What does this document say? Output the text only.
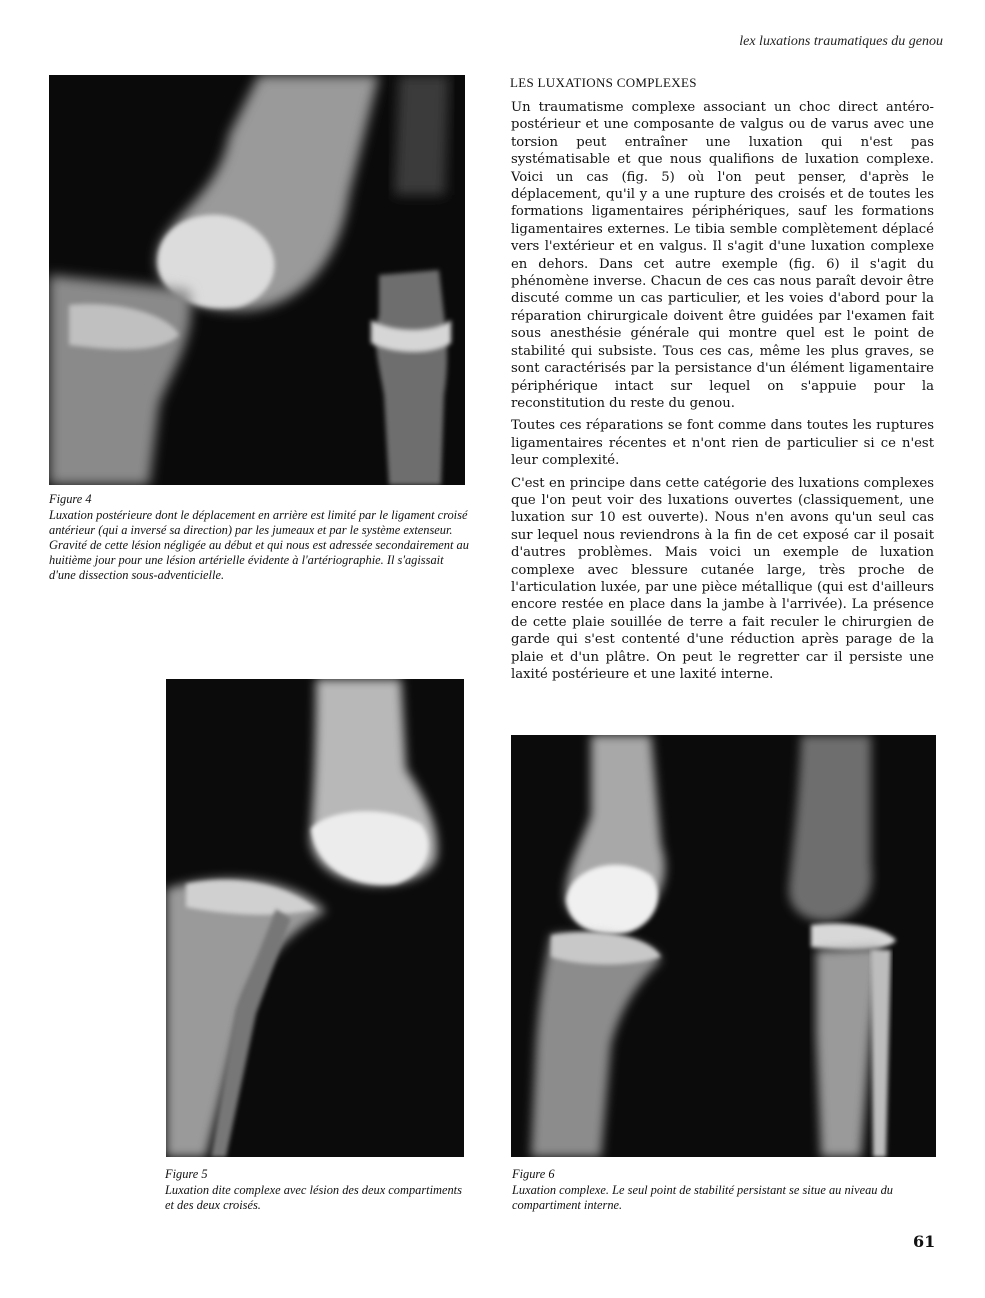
lex luxations traumatiques du genou
Figure 4
Luxation postérieure dont le déplacement en arrière est limité par le ligament croisé antérieur (qui a inversé sa direction) par les jumeaux et par le système extenseur. Gravité de cette lésion négligée au début et qui nous est adressée secondairement au huitième jour pour une lésion artérielle évidente à l'artériographie. Il s'agissait d'une dissection sous-adventicielle.
Figure 5
Luxation dite complexe avec lésion des deux compartiments et des deux croisés.
LES LUXATIONS COMPLEXES

Un traumatisme complexe associant un choc direct antéro-postérieur et une composante de valgus ou de varus avec une torsion peut entraîner une luxation qui n'est pas systématisable et que nous qualifions de luxation complexe. Voici un cas (fig. 5) où l'on peut penser, d'après le déplacement, qu'il y a une rupture des croisés et de toutes les formations ligamentaires périphériques, sauf les formations ligamentaires externes. Le tibia semble complètement déplacé vers l'extérieur et en valgus. Il s'agit d'une luxation complexe en dehors. Dans cet autre exemple (fig. 6) il s'agit du phénomène inverse. Chacun de ces cas nous paraît devoir être discuté comme un cas particulier, et les voies d'abord pour la réparation chirurgicale doivent être guidées par l'examen fait sous anesthésie générale qui montre quel est le point de stabilité qui subsiste. Tous ces cas, même les plus graves, se sont caractérisés par la persistance d'un élément ligamentaire périphérique intact sur lequel on s'appuie pour la reconstitution du reste du genou.

Toutes ces réparations se font comme dans toutes les ruptures ligamentaires récentes et n'ont rien de particulier si ce n'est leur complexité.

C'est en principe dans cette catégorie des luxations complexes que l'on peut voir des luxations ouvertes (classiquement, une luxation sur 10 est ouverte). Nous n'en avons qu'un seul cas sur lequel nous reviendrons à la fin de cet exposé car il posait d'autres problèmes. Mais voici un exemple de luxation complexe avec blessure cutanée large, très proche de l'articulation luxée, par une pièce métallique (qui est d'ailleurs encore restée en place dans la jambe à l'arrivée). La présence de cette plaie souillée de terre a fait reculer le chirurgien de garde qui s'est contenté d'une réduction après parage de la plaie et d'un plâtre. On peut le regretter car il persiste une laxité postérieure et une laxité interne.

Figure 6
Luxation complexe. Le seul point de stabilité persistant se situe au niveau du compartiment interne.
61
